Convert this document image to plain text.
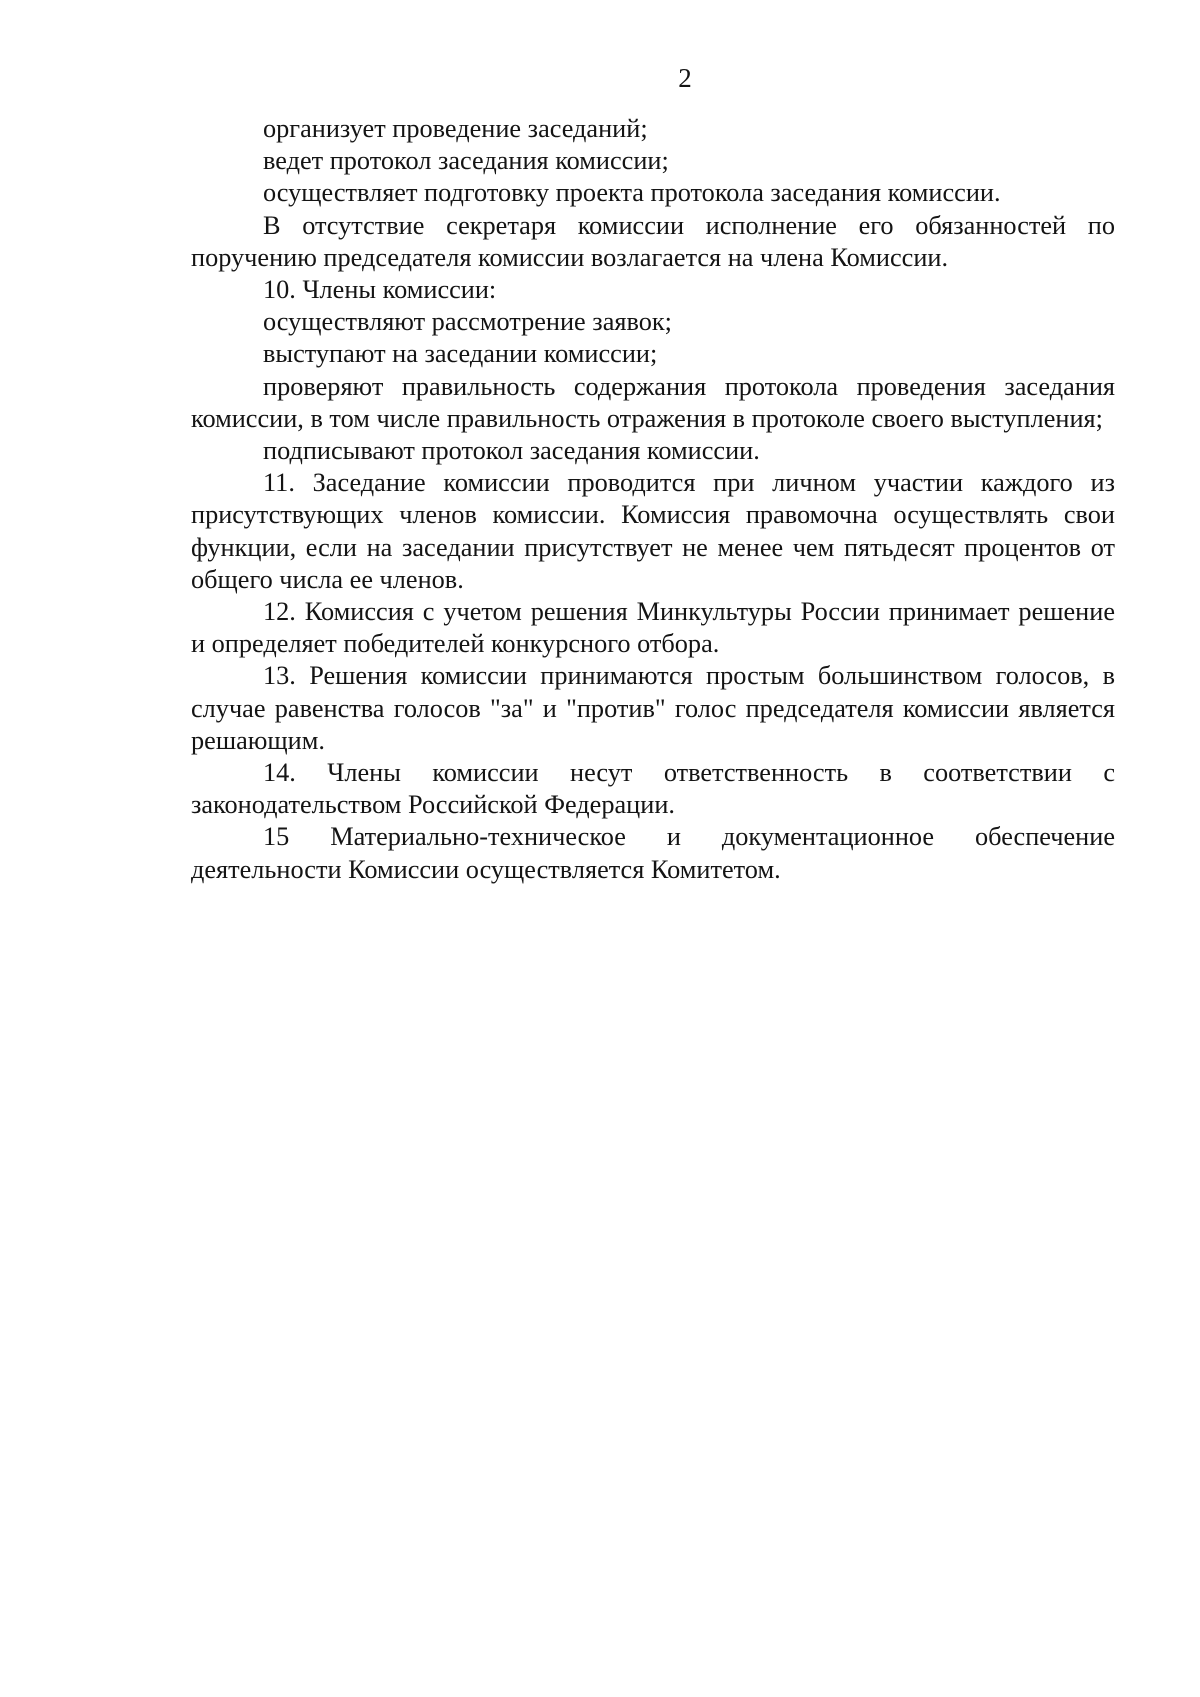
2

организует проведение заседаний;

ведет протокол заседания комиссии;

осуществляет подготовку проекта протокола заседания комиссии.

В отсутствие секретаря комиссии исполнение его обязанностей по поручению председателя комиссии возлагается на члена Комиссии.

10. Члены комиссии:

осуществляют рассмотрение заявок;

выступают на заседании комиссии;

проверяют правильность содержания протокола проведения заседания комиссии, в том числе правильность отражения в протоколе своего выступления;

подписывают протокол заседания комиссии.

11. Заседание комиссии проводится при личном участии каждого из присутствующих членов комиссии. Комиссия правомочна осуществлять свои функции, если на заседании присутствует не менее чем пятьдесят процентов от общего числа ее членов.

12. Комиссия с учетом решения Минкультуры России принимает решение и определяет победителей конкурсного отбора.

13. Решения комиссии принимаются простым большинством голосов, в случае равенства голосов "за" и "против" голос председателя комиссии является решающим.

14. Члены комиссии несут ответственность в соответствии с законодательством Российской Федерации.

15 Материально-техническое и документационное обеспечение деятельности Комиссии осуществляется Комитетом.
